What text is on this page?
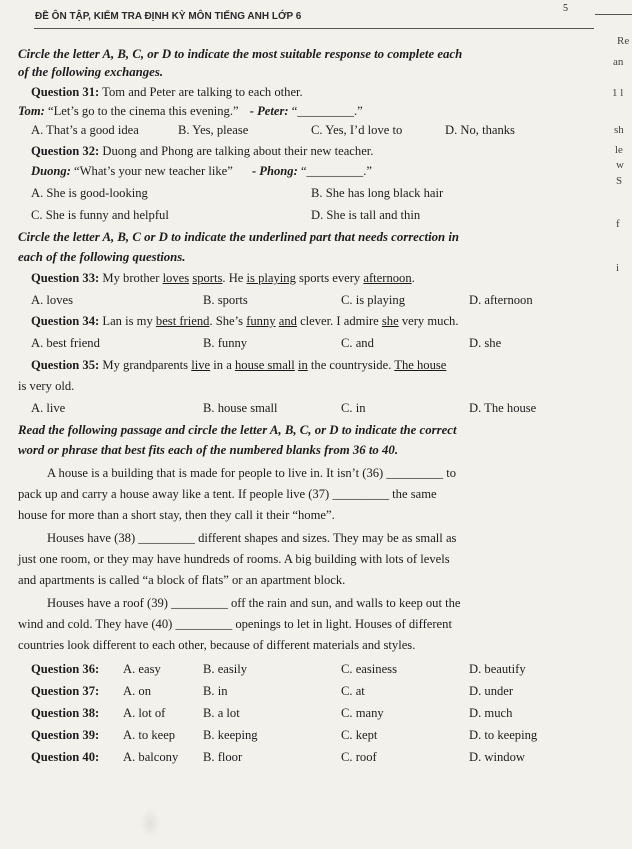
5
ĐỀ ÔN TẬP, KIỂM TRA ĐỊNH KỲ MÔN TIẾNG ANH LỚP 6
Re
an
1 l
sh
le
w
S
f
i
Circle the letter A, B, C, or D to indicate the most suitable response to complete each
of the following exchanges.
Question 31: Tom and Peter are talking to each other.
Tom: “Let’s go to the cinema this evening.” - Peter: “_________.”
A. That’s a good idea	B. Yes, please	C. Yes, I’d love to	D. No, thanks
Question 32: Duong and Phong are talking about their new teacher.
Duong: “What’s your new teacher like” - Phong: “_________.”
A. She is good-looking	B. She has long black hair
C. She is funny and helpful	D. She is tall and thin
Circle the letter A, B, C or D to indicate the underlined part that needs correction in
each of the following questions.
Question 33: My brother loves sports. He is playing sports every afternoon.
A. loves	B. sports	C. is playing	D. afternoon
Question 34: Lan is my best friend. She’s funny and clever. I admire she very much.
A. best friend	B. funny	C. and	D. she
Question 35: My grandparents live in a house small in the countryside. The house
is very old.
A. live	B. house small	C. in	D. The house
Read the following passage and circle the letter A, B, C, or D to indicate the correct
word or phrase that best fits each of the numbered blanks from 36 to 40.
A house is a building that is made for people to live in. It isn’t (36) _________ to
pack up and carry a house away like a tent. If people live (37) _________ the same
house for more than a short stay, then they call it their “home”.
Houses have (38) _________ different shapes and sizes. They may be as small as
just one room, or they may have hundreds of rooms. A big building with lots of levels
and apartments is called “a block of flats” or an apartment block.
Houses have a roof (39) _________ off the rain and sun, and walls to keep out the
wind and cold. They have (40) _________ openings to let in light. Houses of different
countries look different to each other, because of different materials and styles.
Question 36: A. easy	B. easily	C. easiness	D. beautify
Question 37: A. on	B. in	C. at	D. under
Question 38: A. lot of	B. a lot	C. many	D. much
Question 39: A. to keep B. keeping	C. kept	D. to keeping
Question 40: A. balcony B. floor	C. roof	D. window
